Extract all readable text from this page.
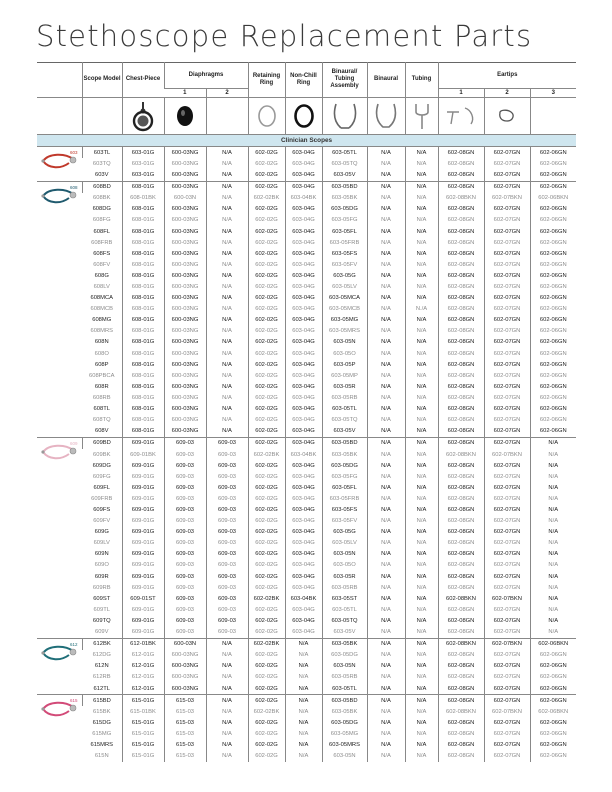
Stethoscope Replacement Parts
	Scope Model	Chest-Piece	Diaphragms		Retaining Ring	Non-Chill Ring	Binaural/ Tubing Assembly	Binaural	Tubing	Eartips		
			1	2						1	2	3

Clinician Scopes												

603	603TL	603-01G	600-03NG	N/A	602-02G	603-04G	603-05TL	N/A	N/A	602-08GN	602-07GN	602-06GN
	603TQ	603-01G	600-03NG	N/A	602-02G	603-04G	603-05TQ	N/A	N/A	602-08GN	602-07GN	602-06GN
	603V	603-01G	600-03NG	N/A	602-02G	603-04G	603-05V	N/A	N/A	602-08GN	602-07GN	602-06GN

608	608BD	608-01G	600-03NG	N/A	602-02G	603-04G	603-05BD	N/A	N/A	602-08GN	602-07GN	602-06GN
	608BK	608-01BK	600-03N	N/A	602-02BK	603-04BK	603-05BK	N/A	N/A	602-08BKN	602-07BKN	602-06BKN
	608DG	608-01G	600-03NG	N/A	602-02G	603-04G	603-05DG	N/A	N/A	602-08GN	602-07GN	602-06GN
	608FG	608-01G	600-03NG	N/A	602-02G	603-04G	603-05FG	N/A	N/A	602-08GN	602-07GN	602-06GN
	608FL	608-01G	600-03NG	N/A	602-02G	603-04G	603-05FL	N/A	N/A	602-08GN	602-07GN	602-06GN
	608FRB	608-01G	600-03NG	N/A	602-02G	603-04G	603-05FRB	N/A	N/A	602-08GN	602-07GN	602-06GN
	608FS	608-01G	600-03NG	N/A	602-02G	603-04G	603-05FS	N/A	N/A	602-08GN	602-07GN	602-06GN
	608FV	608-01G	600-03NG	N/A	602-02G	603-04G	603-05FV	N/A	N/A	602-08GN	602-07GN	602-06GN
	608G	608-01G	600-03NG	N/A	602-02G	603-04G	603-05G	N/A	N/A	602-08GN	602-07GN	602-06GN
	608LV	608-01G	600-03NG	N/A	602-02G	603-04G	603-05LV	N/A	N/A	602-08GN	602-07GN	602-06GN
	608MCA	608-01G	600-03NG	N/A	602-02G	603-04G	603-05MCA	N/A	N/A	602-08GN	602-07GN	602-06GN
	608MCB	608-01G	600-03NG	N/A	602-02G	603-04G	603-05MCB	N/A	N./A	602-08GN	602-07GN	602-06GN
	608MG	608-01G	600-03NG	N/A	602-02G	603-04G	603-05MG	N/A	N/A	602-08GN	602-07GN	602-06GN
	608MRS	608-01G	600-03NG	N/A	602-02G	603-04G	603-05MRS	N/A	N/A	602-08GN	602-07GN	602-06GN
	608N	608-01G	600-03NG	N/A	602-02G	603-04G	603-05N	N/A	N/A	602-08GN	602-07GN	602-06GN
	608O	608-01G	600-03NG	N/A	602-02G	603-04G	603-05O	N/A	N/A	602-08GN	602-07GN	602-06GN
	608P	608-01G	600-03NG	N/A	602-02G	603-04G	603-05P	N/A	N/A	602-08GN	602-07GN	602-06GN
	608PBCA	608-01G	600-03NG	N/A	602-02G	603-04G	603-05MP	N/A	N/A	602-08GN	602-07GN	602-06GN
	608R	608-01G	600-03NG	N/A	602-02G	603-04G	603-05R	N/A	N/A	602-08GN	602-07GN	602-06GN
	608RB	608-01G	600-03NG	N/A	602-02G	603-04G	603-05RB	N/A	N/A	602-08GN	602-07GN	602-06GN
	608TL	608-01G	600-03NG	N/A	602-02G	603-04G	603-05TL	N/A	N/A	602-08GN	602-07GN	602-06GN
	608TQ	608-01G	600-03NG	N/A	602-02G	603-04G	603-05TQ	N/A	N/A	602-08GN	602-07GN	602-06GN
	608V	608-01G	600-03NG	N/A	602-02G	603-04G	603-05V	N/A	N/A	602-08GN	602-07GN	602-06GN

609	609BD	609-01G	609-03	609-03	602-02G	603-04G	603-05BD	N/A	N/A	602-08GN	602-07GN	N/A
	609BK	609-01BK	609-03	609-03	602-02BK	603-04BK	603-05BK	N/A	N/A	602-08BKN	602-07BKN	N/A
	609DG	609-01G	609-03	609-03	602-02G	603-04G	603-05DG	N/A	N/A	602-08GN	602-07GN	N/A
	609FG	609-01G	609-03	609-03	602-02G	603-04G	603-05FG	N/A	N/A	602-08GN	602-07GN	N/A
	609FL	609-01G	609-03	609-03	602-02G	603-04G	603-05FL	N/A	N/A	602-08GN	602-07GN	N/A
	609FRB	609-01G	609-03	609-03	602-02G	603-04G	603-05FRB	N/A	N/A	602-08GN	602-07GN	N/A
	609FS	609-01G	609-03	609-03	602-02G	603-04G	603-05FS	N/A	N/A	602-08GN	602-07GN	N/A
	609FV	609-01G	609-03	609-03	602-02G	603-04G	603-05FV	N/A	N/A	602-08GN	602-07GN	N/A
	609G	609-01G	609-03	609-03	602-02G	603-04G	603-05G	N/A	N/A	602-08GN	602-07GN	N/A
	609LV	609-01G	609-03	609-03	602-02G	603-04G	603-05LV	N/A	N/A	602-08GN	602-07GN	N/A
	609N	609-01G	609-03	609-03	602-02G	603-04G	603-05N	N/A	N/A	602-08GN	602-07GN	N/A
	609O	609-01G	609-03	609-03	602-02G	603-04G	603-05O	N/A	N/A	602-08GN	602-07GN	N/A
	609R	609-01G	609-03	609-03	602-02G	603-04G	603-05R	N/A	N/A	602-08GN	602-07GN	N/A
	609RB	609-01G	609-03	609-03	602-02G	603-04G	603-05RB	N/A	N/A	602-08GN	602-07GN	N/A
	609ST	609-01ST	609-03	609-03	602-02BK	603-04BK	603-05ST	N/A	N/A	602-08BKN	602-07BKN	N/A
	609TL	609-01G	609-03	609-03	602-02G	603-04G	603-05TL	N/A	N/A	602-08GN	602-07GN	N/A
	609TQ	609-01G	609-03	609-03	602-02G	603-04G	603-05TQ	N/A	N/A	602-08GN	602-07GN	N/A
	609V	609-01G	609-03	609-03	602-02G	603-04G	603-05V	N/A	N/A	602-08GN	602-07GN	N/A

612	612BK	612-01BK	600-03N	N/A	602-02BK	N/A	603-05BK	N/A	N/A	602-08BKN	602-07BKN	602-06BKN
	612DG	612-01G	600-03NG	N/A	602-02G	N/A	603-05DG	N/A	N/A	602-08GN	602-07GN	602-06GN
	612N	612-01G	600-03NG	N/A	602-02G	N/A	603-05N	N/A	N/A	602-08GN	602-07GN	602-06GN
	612RB	612-01G	600-03NG	N/A	602-02G	N/A	603-05RB	N/A	N/A	602-08GN	602-07GN	602-06GN
	612TL	612-01G	600-03NG	N/A	602-02G	N/A	603-05TL	N/A	N/A	602-08GN	602-07GN	602-06GN

615	615BD	615-01G	615-03	N/A	602-02G	N/A	603-05BD	N/A	N/A	602-08GN	602-07GN	602-06GN
	615BK	615-01BK	615-03	N/A	602-02BK	N/A	603-05BK	N/A	N/A	602-08BKN	602-07BKN	602-06BKN
	615DG	615-01G	615-03	N/A	602-02G	N/A	603-05DG	N/A	N/A	602-08GN	602-07GN	602-06GN
	615MG	615-01G	615-03	N/A	602-02G	N/A	603-05MG	N/A	N/A	602-08GN	602-07GN	602-06GN
	615MRS	615-01G	615-03	N/A	602-02G	N/A	603-05MRS	N/A	N/A	602-08GN	602-07GN	602-06GN
	615N	615-01G	615-03	N/A	602-02G	N/A	603-05N	N/A	N/A	602-08GN	602-07GN	602-06GN
